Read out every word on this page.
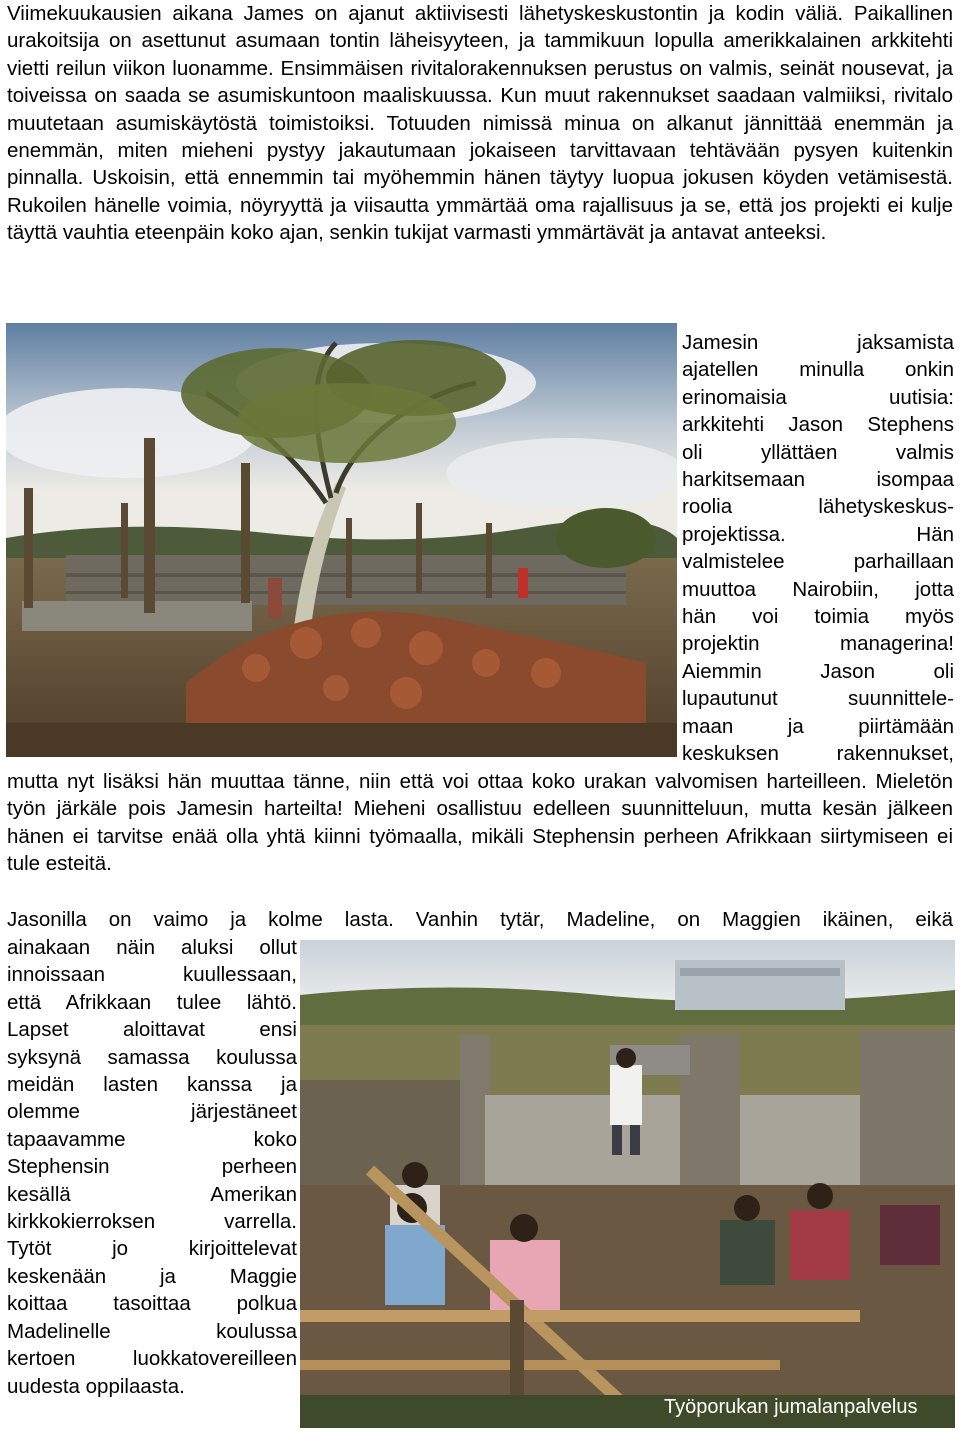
Viimekuukausien aikana James on ajanut aktiivisesti lähetyskeskustontin ja kodin väliä. Paikallinen urakoitsija on asettunut asumaan tontin läheisyyteen, ja tammikuun lopulla amerikkalainen arkkitehti vietti reilun viikon luonamme. Ensimmäisen rivitalorakennuksen perustus on valmis, seinät nousevat, ja toiveissa on saada se asumiskuntoon maaliskuussa. Kun muut rakennukset saadaan valmiiksi, rivitalo muutetaan asumiskäytöstä toimistoiksi. Totuuden nimissä minua on alkanut jännittää enemmän ja enemmän, miten mieheni pystyy jakautumaan jokaiseen tarvittavaan tehtävään pysyen kuitenkin pinnalla. Uskoisin, että ennemmin tai myöhemmin hänen täytyy luopua jokusen köyden vetämisestä. Rukoilen hänelle voimia, nöyryyttä ja viisautta ymmärtää oma rajallisuus ja se, että jos projekti ei kulje täyttä vauhtia eteenpäin koko ajan, senkin tukijat varmasti ymmärtävät ja antavat anteeksi.

Jamesin jaksamista
ajatellen minulla onkin
erinomaisia uutisia:
arkkitehti Jason Stephens
oli yllättäen valmis
harkitsemaan isompaa
roolia lähetyskeskus-
projektissa. Hän
valmistelee parhaillaan
muuttoa Nairobiin, jotta
hän voi toimia myös
projektin managerina!
Aiemmin Jason oli
lupautunut suunnittele-
maan ja piirtämään
keskuksen rakennukset,

mutta nyt lisäksi hän muuttaa tänne, niin että voi ottaa koko urakan valvomisen harteilleen. Mieletön työn järkäle pois Jamesin harteilta! Mieheni osallistuu edelleen suunnitteluun, mutta kesän jälkeen hänen ei tarvitse enää olla yhtä kiinni työmaalla, mikäli Stephensin perheen Afrikkaan siirtymiseen ei tule esteitä.

Jasonilla on vaimo ja kolme lasta. Vanhin tytär, Madeline, on Maggien ikäinen, eikä
ainakaan näin aluksi ollut
innoissaan kuullessaan,
että Afrikkaan tulee lähtö.
Lapset aloittavat ensi
syksynä samassa koulussa
meidän lasten kanssa ja
olemme järjestäneet
tapaavamme koko
Stephensin perheen
kesällä Amerikan
kirkkokierroksen varrella.
Tytöt jo kirjoittelevat
keskenään ja Maggie
koittaa tasoittaa polkua
Madelinelle koulussa
kertoen luokkatovereilleen
uudesta oppilaasta.
Työporukan jumalanpalvelus
